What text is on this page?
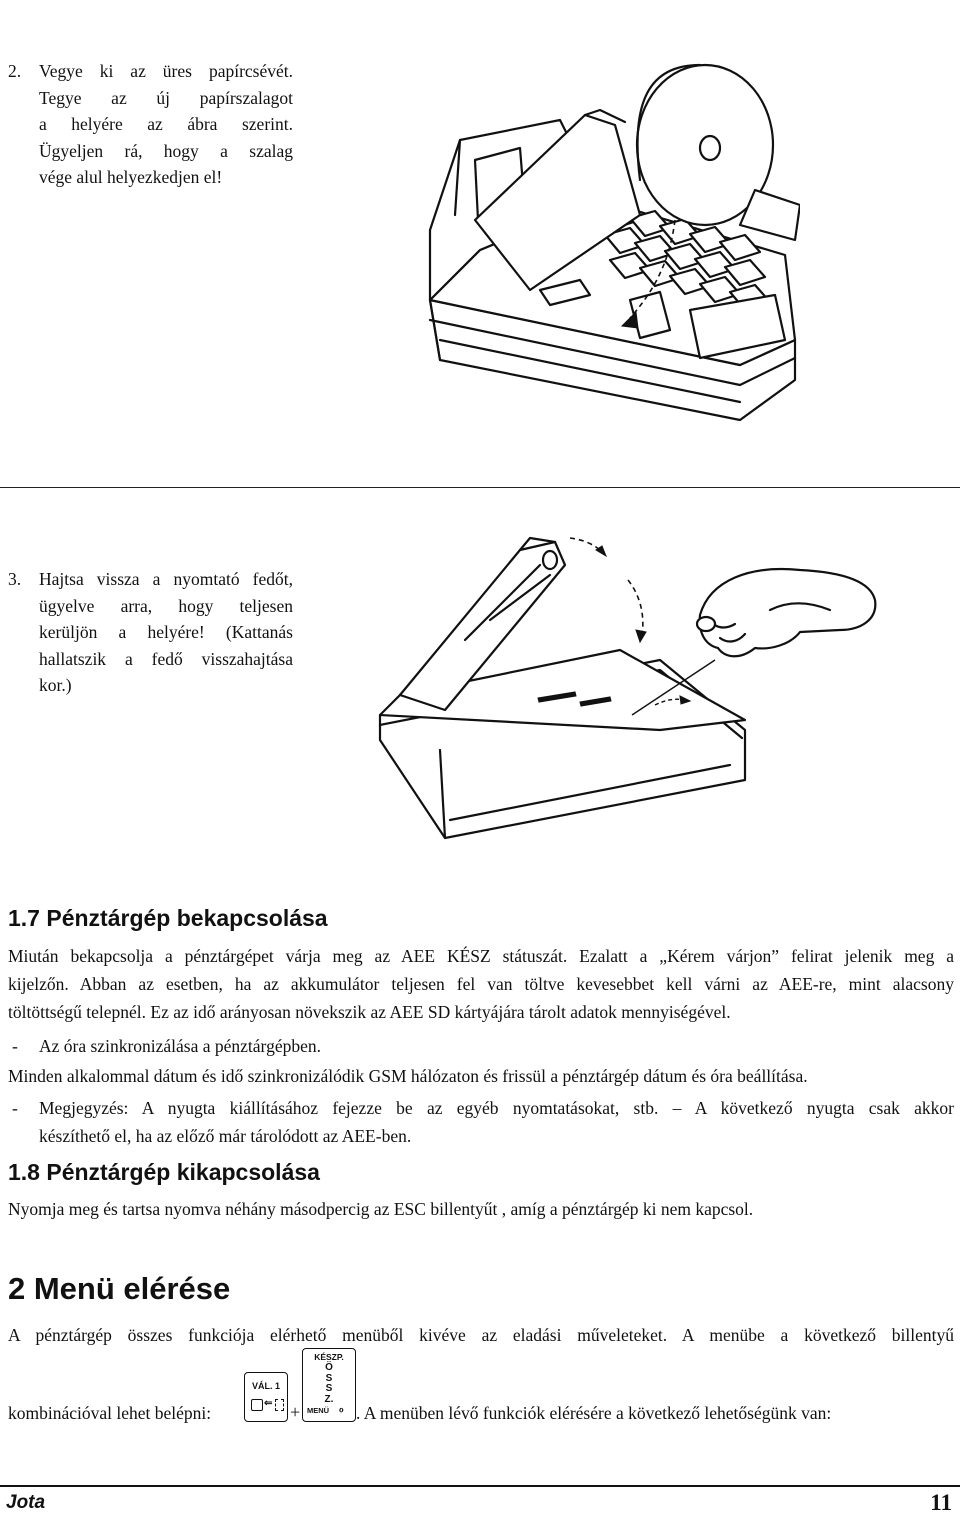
2. Vegye ki az üres papírcsévét.
Tegye az új papírszalagot
a helyére az ábra szerint.
Ügyeljen rá, hogy a szalag
vége alul helyezkedjen el!
3. Hajtsa vissza a nyomtató fedőt,
ügyelve arra, hogy teljesen
kerüljön a helyére! (Kattanás
hallatszik a fedő visszahajtása
kor.)
1.7 Pénztárgép bekapcsolása
Miután bekapcsolja a pénztárgépet várja meg az AEE KÉSZ státuszát. Ezalatt a „Kérem várjon” felirat jelenik meg a
kijelzőn. Abban az esetben, ha az akkumulátor teljesen fel van töltve kevesebbet kell várni az AEE-re, mint alacsony
töltöttségű telepnél. Ez az idő arányosan növekszik az AEE SD kártyájára tárolt adatok mennyiségével.
- Az óra szinkronizálása a pénztárgépben.
Minden alkalommal dátum és idő szinkronizálódik GSM hálózaton és frissül a pénztárgép dátum és óra beállítása.
- Megjegyzés: A nyugta kiállításához fejezze be az egyéb nyomtatásokat, stb. – A következő nyugta csak akkor
készíthető el, ha az előző már tárolódott az AEE-ben.
1.8 Pénztárgép kikapcsolása
Nyomja meg és tartsa nyomva néhány másodpercig az ESC billentyűt , amíg a pénztárgép ki nem kapcsol.
2 Menü elérése
A pénztárgép összes funkciója elérhető menüből kivéve az eladási műveleteket. A menübe a következő billentyű
kombinációval lehet belépni:
VÁL. 1
⇐ +
KÉSZP.
Ö
S
S
Z.
MENÜ ℴ . A menüben lévő funkciók elérésére a következő lehetőségünk van:
Jota	11
